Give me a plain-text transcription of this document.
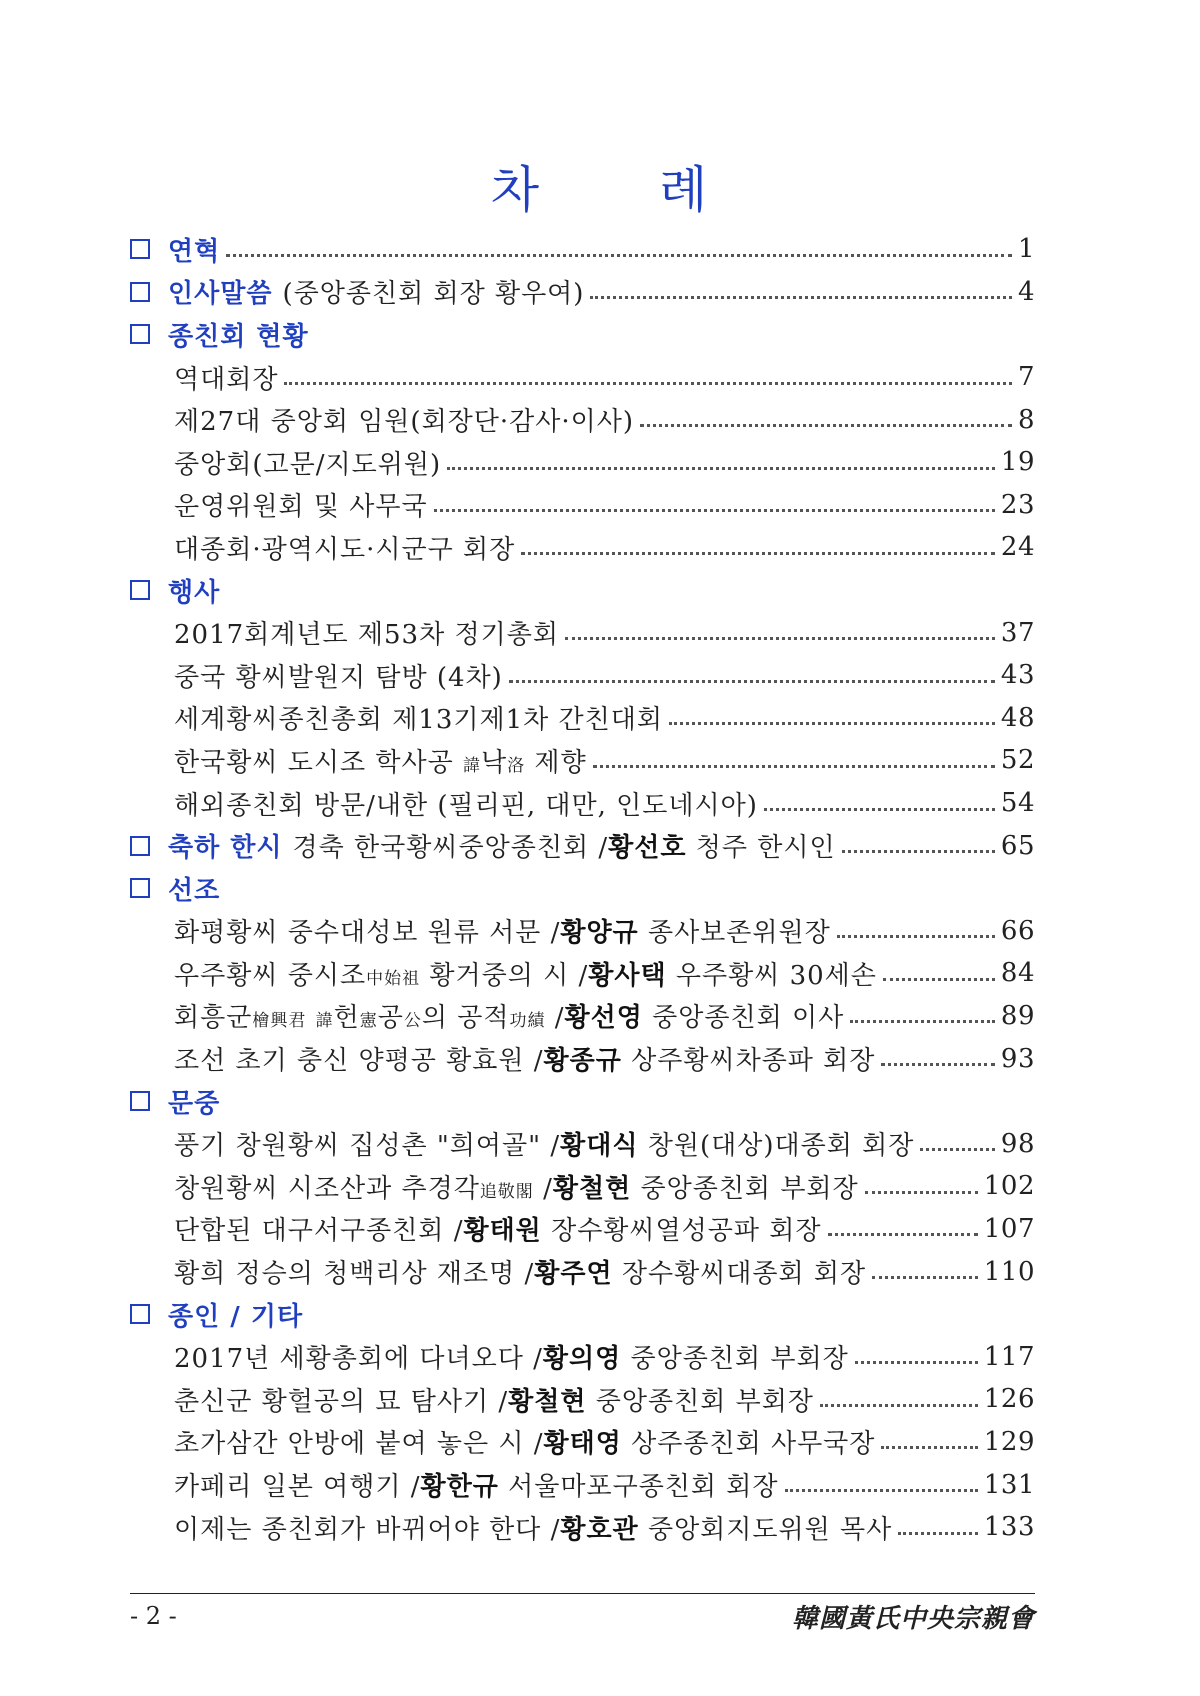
차 례
연혁	1
인사말씀 (중앙종친회 회장 황우여)	4
종친회 현황
역대회장	7
제27대 중앙회 임원(회장단·감사·이사)	8
중앙회(고문/지도위원)	19
운영위원회 및 사무국	23
대종회·광역시도·시군구 회장	24
행사
2017회계년도 제53차 정기총회	37
중국 황씨발원지 탐방 (4차)	43
세계황씨종친총회 제13기제1차 간친대회	48
한국황씨 도시조 학사공 諱낙洛 제향	52
해외종친회 방문/내한 (필리핀, 대만, 인도네시아)	54
축하 한시 경축 한국황씨중앙종친회 /황선호 청주 한시인	65
선조
화평황씨 중수대성보 원류 서문 /황양규 종사보존위원장	66
우주황씨 중시조中始祖 황거중의 시 /황사택 우주황씨 30세손	84
회흥군檜興君 諱헌憲공公의 공적功績 /황선영 중앙종친회 이사	89
조선 초기 충신 양평공 황효원 /황종규 상주황씨차종파 회장	93
문중
풍기 창원황씨 집성촌 "희여골" /황대식 창원(대상)대종회 회장	98
창원황씨 시조산과 추경각追敬閣 /황철현 중앙종친회 부회장	102
단합된 대구서구종친회 /황태원 장수황씨열성공파 회장	107
황희 정승의 청백리상 재조명 /황주연 장수황씨대종회 회장	110
종인 / 기타
2017년 세황총회에 다녀오다 /황의영 중앙종친회 부회장	117
춘신군 황헐공의 묘 탐사기 /황철현 중앙종친회 부회장	126
초가삼간 안방에 붙여 놓은 시 /황태영 상주종친회 사무국장	129
카페리 일본 여행기 /황한규 서울마포구종친회 회장	131
이제는 종친회가 바뀌어야 한다 /황호관 중앙회지도위원 목사	133
- 2 -	韓國黃氏中央宗親會
